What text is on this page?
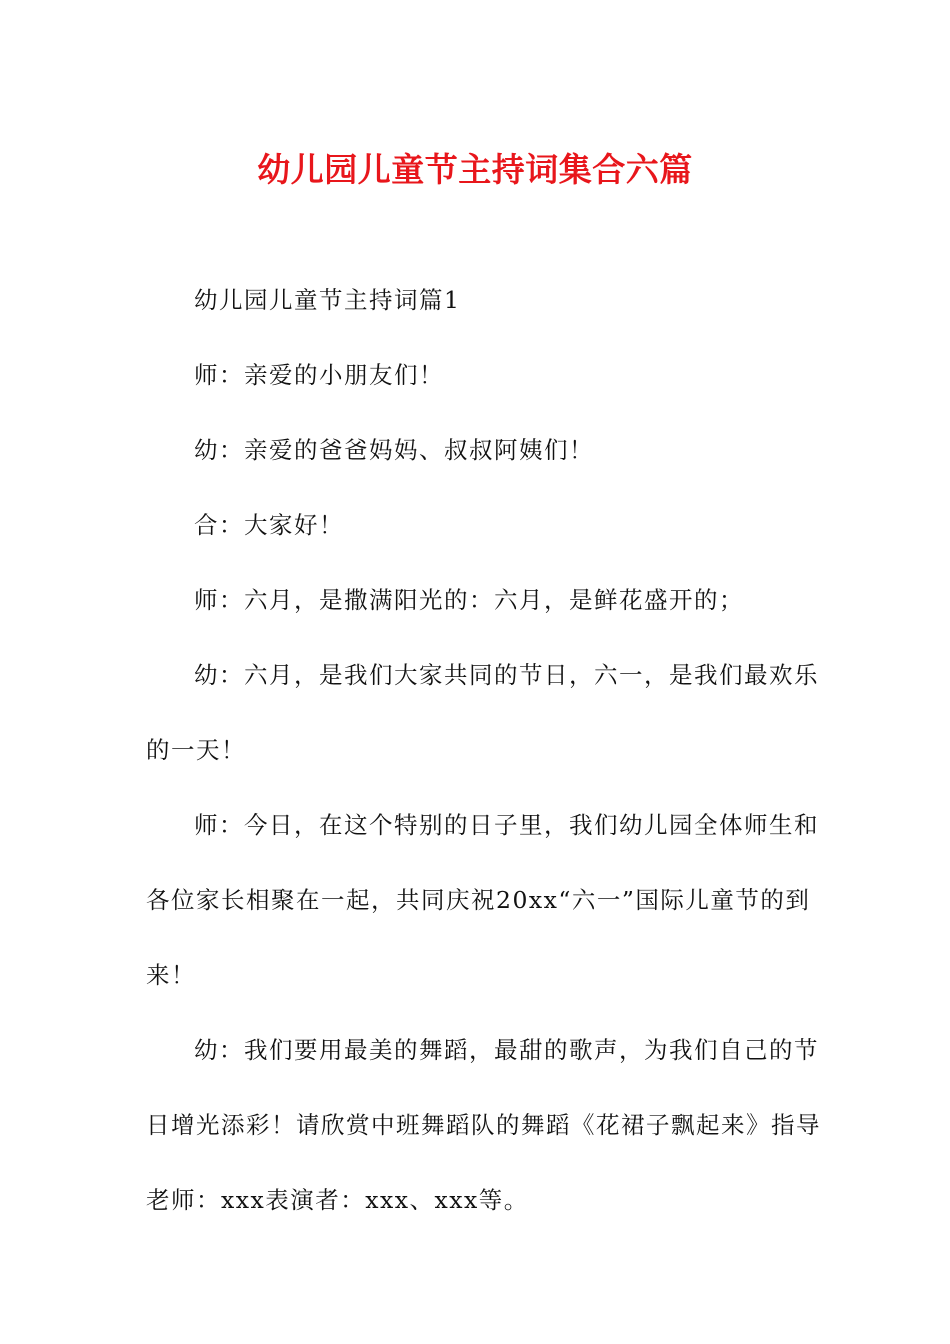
幼儿园儿童节主持词集合六篇

幼儿园儿童节主持词篇1

师：亲爱的小朋友们！

幼：亲爱的爸爸妈妈、叔叔阿姨们！

合：大家好！

师：六月，是撒满阳光的：六月，是鲜花盛开的；

幼：六月，是我们大家共同的节日，六一，是我们最欢乐
的一天！

师：今日，在这个特别的日子里，我们幼儿园全体师生和
各位家长相聚在一起，共同庆祝20xx“六一”国际儿童节的到
来！

幼：我们要用最美的舞蹈，最甜的歌声，为我们自己的节
日增光添彩！请欣赏中班舞蹈队的舞蹈《花裙子飘起来》指导
老师：xxx表演者：xxx、xxx等。
